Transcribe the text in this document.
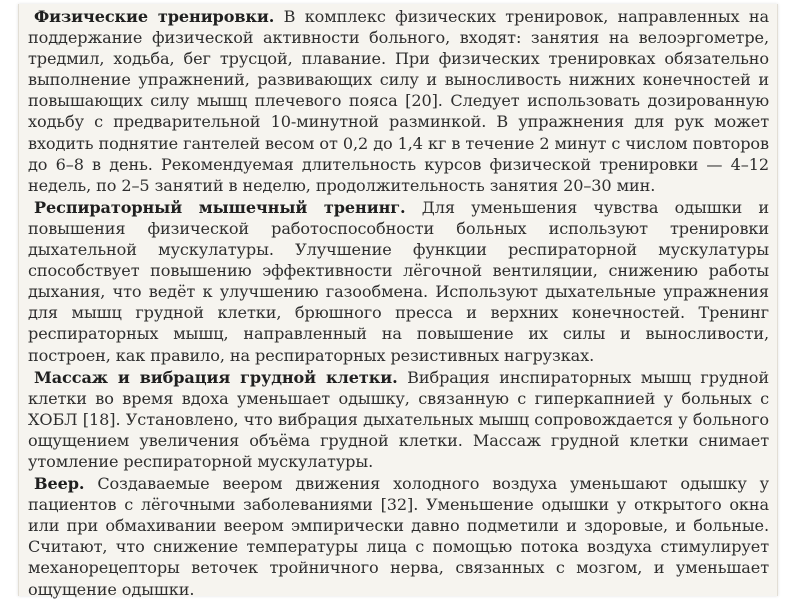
Физические тренировки. В комплекс физических тренировок, направленных на поддержание физической активности больного, входят: занятия на велоэргометре, тредмил, ходьба, бег трусцой, плавание. При физических тренировках обязательно выполнение упражнений, развивающих силу и выносливость нижних конечностей и повышающих силу мышц плечевого пояса [20]. Следует использовать дозированную ходьбу с предварительной 10-минутной разминкой. В упражнения для рук может входить поднятие гантелей весом от 0,2 до 1,4 кг в течение 2 минут с числом повторов до 6–8 в день. Рекомендуемая длительность курсов физической тренировки — 4–12 недель, по 2–5 занятий в неделю, продолжительность занятия 20–30 мин.

Респираторный мышечный тренинг. Для уменьшения чувства одышки и повышения физической работоспособности больных используют тренировки дыхательной мускулатуры. Улучшение функции респираторной мускулатуры способствует повышению эффективности лёгочной вентиляции, снижению работы дыхания, что ведёт к улучшению газообмена. Используют дыхательные упражнения для мышц грудной клетки, брюшного пресса и верхних конечностей. Тренинг респираторных мышц, направленный на повышение их силы и выносливости, построен, как правило, на респираторных резистивных нагрузках.

Массаж и вибрация грудной клетки. Вибрация инспираторных мышц грудной клетки во время вдоха уменьшает одышку, связанную с гиперкапнией у больных с ХОБЛ [18]. Установлено, что вибрация дыхательных мышц сопровождается у больного ощущением увеличения объёма грудной клетки. Массаж грудной клетки снимает утомление респираторной мускулатуры.

Веер. Создаваемые веером движения холодного воздуха уменьшают одышку у пациентов с лёгочными заболеваниями [32]. Уменьшение одышки у открытого окна или при обмахивании веером эмпирически давно подметили и здоровые, и больные. Считают, что снижение температуры лица с помощью потока воздуха стимулирует механорецепторы веточек тройничного нерва, связанных с мозгом, и уменьшает ощущение одышки.
